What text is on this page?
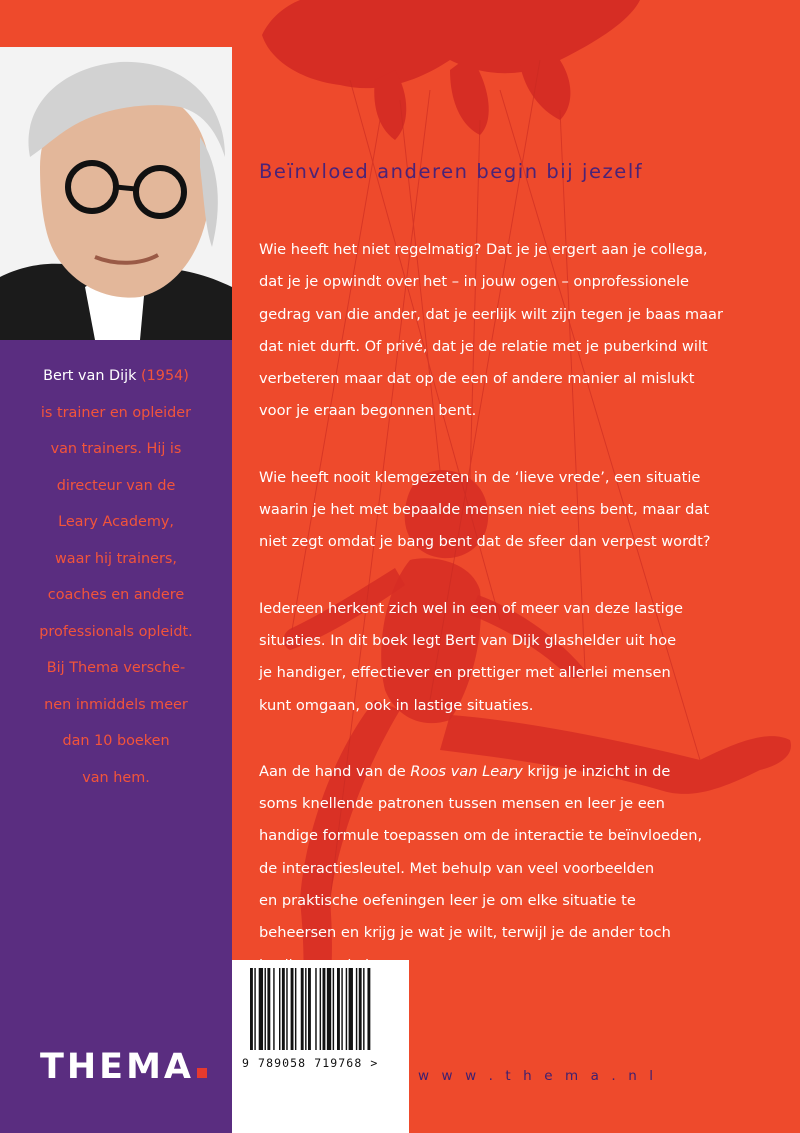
Bert van Dijk (1954)
is trainer en opleider
van trainers. Hij is
directeur van de
Leary Academy,
waar hij trainers,
coaches en andere
professionals opleidt.
Bij Thema versche-
nen inmiddels meer
dan 10 boeken
van hem.
THEMA
Beïnvloed anderen begin bij jezelf

Wie heeft het niet regelmatig? Dat je je ergert aan je collega,
dat je je opwindt over het – in jouw ogen – onprofessionele
gedrag van die ander, dat je eerlijk wilt zijn tegen je baas maar
dat niet durft. Of privé, dat je de relatie met je puberkind wilt
verbeteren maar dat op de een of andere manier al mislukt
voor je eraan begonnen bent.

Wie heeft nooit klemgezeten in de ‘lieve vrede’, een situatie
waarin je het met bepaalde mensen niet eens bent, maar dat
niet zegt omdat je bang bent dat de sfeer dan verpest wordt?

Iedereen herkent zich wel in een of meer van deze lastige
situaties. In dit boek legt Bert van Dijk glashelder uit hoe
je handiger, effectiever en prettiger met allerlei mensen
kunt omgaan, ook in lastige situaties.

Aan de hand van de Roos van Leary krijg je inzicht in de
soms knellende patronen tussen mensen en leer je een
handige formule toepassen om de interactie te beïnvloeden,
de interactiesleutel. Met behulp van veel voorbeelden
en praktische oefeningen leer je om elke situatie te
beheersen en krijg je wat je wilt, terwijl je de ander toch

9 789058 719768 >
w w w . t h e m a . n l
